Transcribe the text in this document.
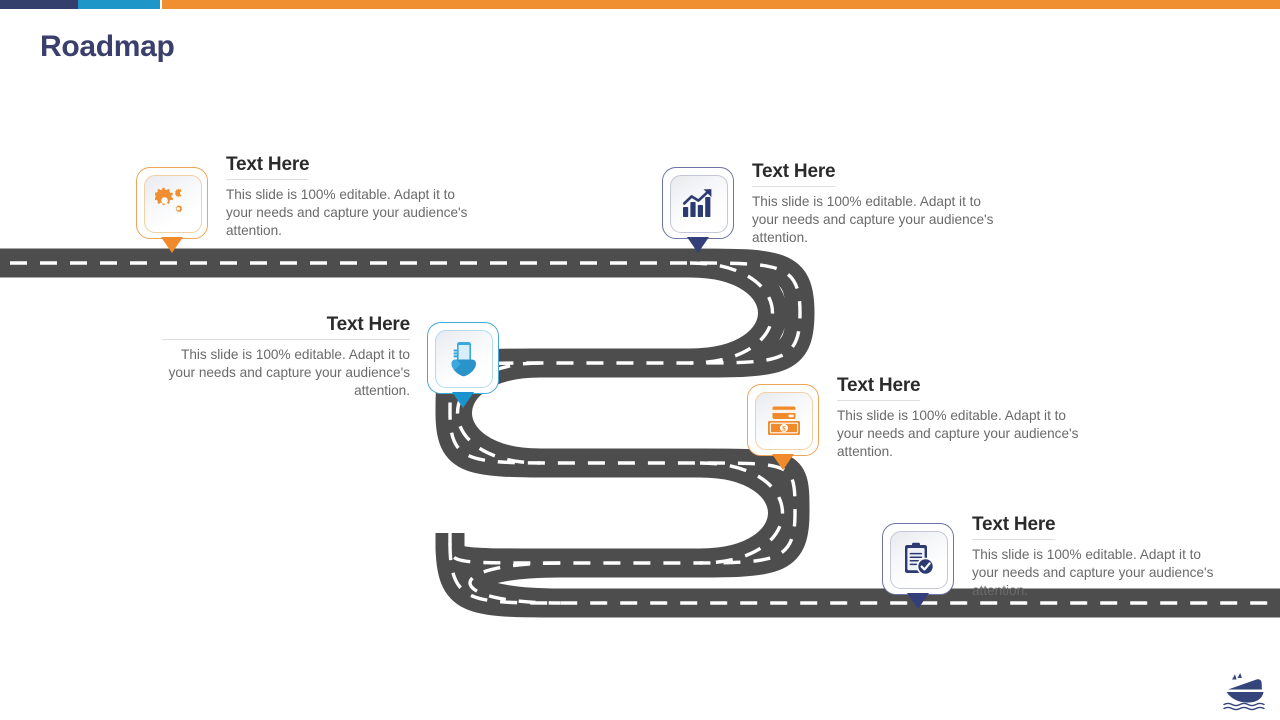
Roadmap
Text Here
This slide is 100% editable. Adapt it to your needs and capture your audience's attention.
Text Here
This slide is 100% editable. Adapt it to your needs and capture your audience's attention.
Text Here
This slide is 100% editable. Adapt it to your needs and capture your audience's attention.
$
Text Here
This slide is 100% editable. Adapt it to your needs and capture your audience's attention.
Text Here
This slide is 100% editable. Adapt it to your needs and capture your audience's attention.
